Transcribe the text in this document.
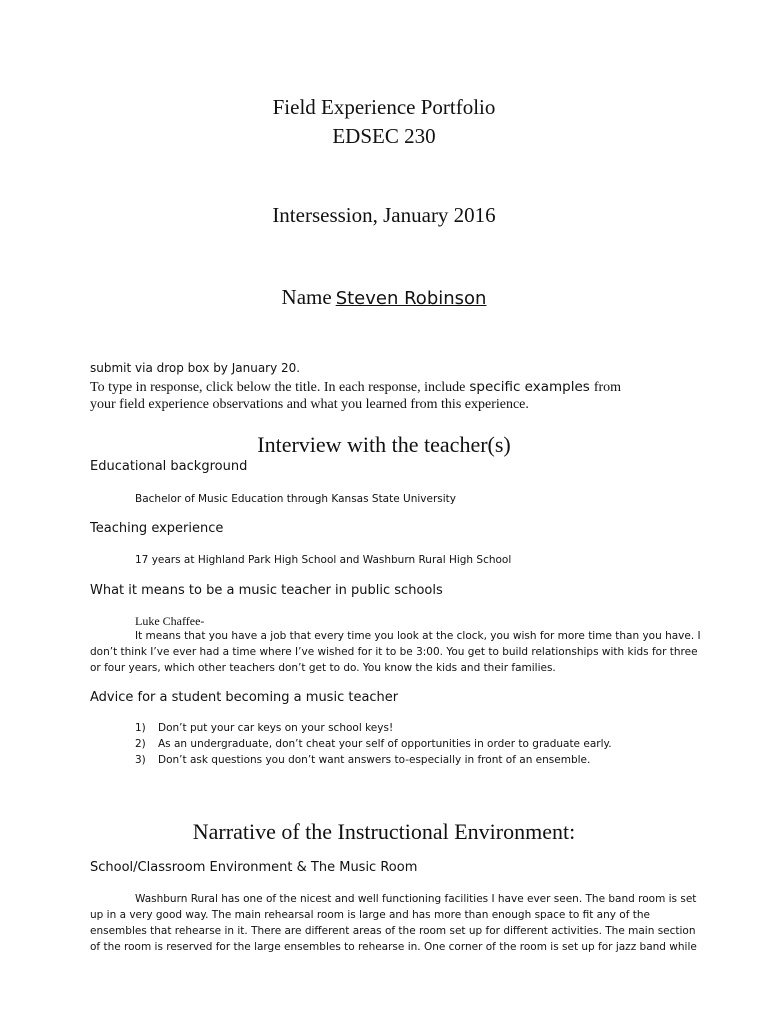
Field Experience Portfolio
EDSEC 230
Intersession, January 2016
Name Steven Robinson
submit via drop box by January 20.
To type in response, click below the title. In each response, include specific examples from
your field experience observations and what you learned from this experience.
Interview with the teacher(s)
Educational background
Bachelor of Music Education through Kansas State University
Teaching experience
17 years at Highland Park High School and Washburn Rural High School
What it means to be a music teacher in public schools
Luke Chaffee-
It means that you have a job that every time you look at the clock, you wish for more time than you have. I
don’t think I’ve ever had a time where I’ve wished for it to be 3:00. You get to build relationships with kids for three
or four years, which other teachers don’t get to do. You know the kids and their families.
Advice for a student becoming a music teacher
1) Don’t put your car keys on your school keys!
2) As an undergraduate, don’t cheat your self of opportunities in order to graduate early.
3) Don’t ask questions you don’t want answers to-especially in front of an ensemble.
Narrative of the Instructional Environment:
School/Classroom Environment & The Music Room
Washburn Rural has one of the nicest and well functioning facilities I have ever seen. The band room is set
up in a very good way. The main rehearsal room is large and has more than enough space to fit any of the
ensembles that rehearse in it. There are different areas of the room set up for different activities. The main section
of the room is reserved for the large ensembles to rehearse in. One corner of the room is set up for jazz band while
